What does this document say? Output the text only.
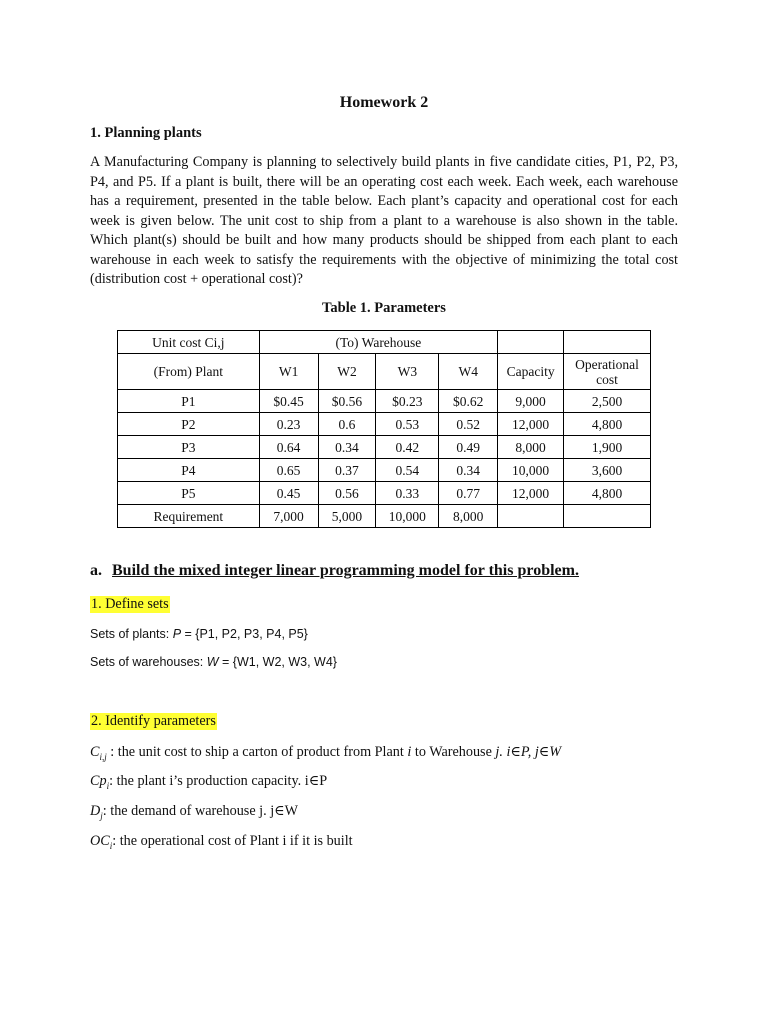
Homework 2
1. Planning plants
A Manufacturing Company is planning to selectively build plants in five candidate cities, P1, P2, P3, P4, and P5. If a plant is built, there will be an operating cost each week. Each week, each warehouse has a requirement, presented in the table below. Each plant’s capacity and operational cost for each week is given below. The unit cost to ship from a plant to a warehouse is also shown in the table. Which plant(s) should be built and how many products should be shipped from each plant to each warehouse in each week to satisfy the requirements with the objective of minimizing the total cost (distribution cost + operational cost)?
Table 1. Parameters
Unit cost Ci,j	(To) Warehouse					
(From) Plant	W1	W2	W3	W4	Capacity	Operational cost
P1	$0.45	$0.56	$0.23	$0.62	9,000	2,500
P2	0.23	0.6	0.53	0.52	12,000	4,800
P3	0.64	0.34	0.42	0.49	8,000	1,900
P4	0.65	0.37	0.54	0.34	10,000	3,600
P5	0.45	0.56	0.33	0.77	12,000	4,800
Requirement	7,000	5,000	10,000	8,000		
a. Build the mixed integer linear programming model for this problem.
1. Define sets
Sets of plants: P = {P1, P2, P3, P4, P5}
Sets of warehouses: W = {W1, W2, W3, W4}
2. Identify parameters
$C_{i,j}$ : the unit cost to ship a carton of product from Plant i to Warehouse j. i∈P, j∈W
$Cp_i$: the plant i’s production capacity. i∈P
$D_j$: the demand of warehouse j. j∈W
$OC_i$: the operational cost of Plant i if it is built
